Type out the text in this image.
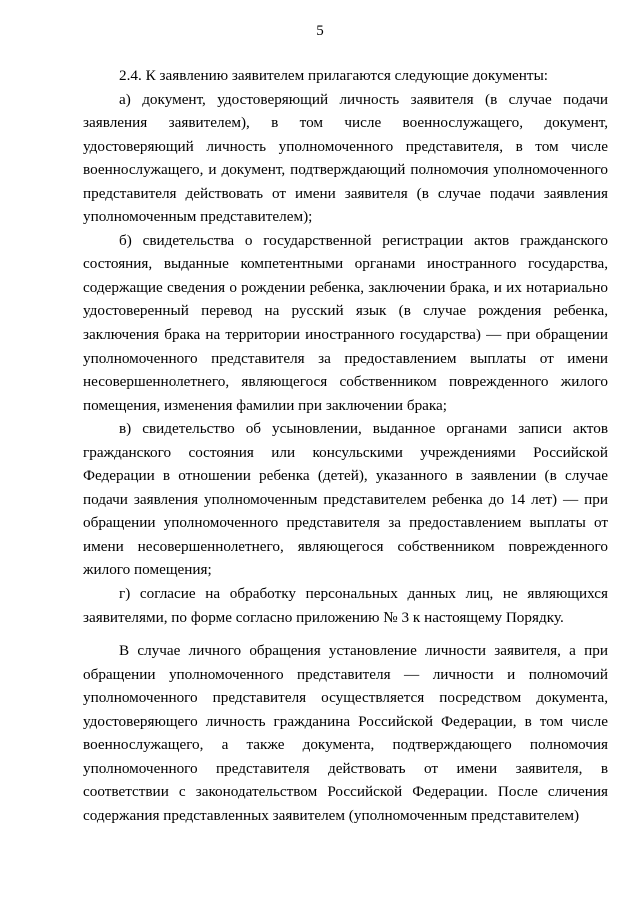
5

2.4. К заявлению заявителем прилагаются следующие документы:

а) документ, удостоверяющий личность заявителя (в случае подачи заявления заявителем), в том числе военнослужащего, документ, удостоверяющий личность уполномоченного представителя, в том числе военнослужащего, и документ, подтверждающий полномочия уполномоченного представителя действовать от имени заявителя (в случае подачи заявления уполномоченным представителем);

б) свидетельства о государственной регистрации актов гражданского состояния, выданные компетентными органами иностранного государства, содержащие сведения о рождении ребенка, заключении брака, и их нотариально удостоверенный перевод на русский язык (в случае рождения ребенка, заключения брака на территории иностранного государства) — при обращении уполномоченного представителя за предоставлением выплаты от имени несовершеннолетнего, являющегося собственником поврежденного жилого помещения, изменения фамилии при заключении брака;

в) свидетельство об усыновлении, выданное органами записи актов гражданского состояния или консульскими учреждениями Российской Федерации в отношении ребенка (детей), указанного в заявлении (в случае подачи заявления уполномоченным представителем ребенка до 14 лет) — при обращении уполномоченного представителя за предоставлением выплаты от имени несовершеннолетнего, являющегося собственником поврежденного жилого помещения;

г) согласие на обработку персональных данных лиц, не являющихся заявителями, по форме согласно приложению № 3 к настоящему Порядку.

В случае личного обращения установление личности заявителя, а при обращении уполномоченного представителя — личности и полномочий уполномоченного представителя осуществляется посредством документа, удостоверяющего личность гражданина Российской Федерации, в том числе военнослужащего, а также документа, подтверждающего полномочия уполномоченного представителя действовать от имени заявителя, в соответствии с законодательством Российской Федерации. После сличения содержания представленных заявителем (уполномоченным представителем)
